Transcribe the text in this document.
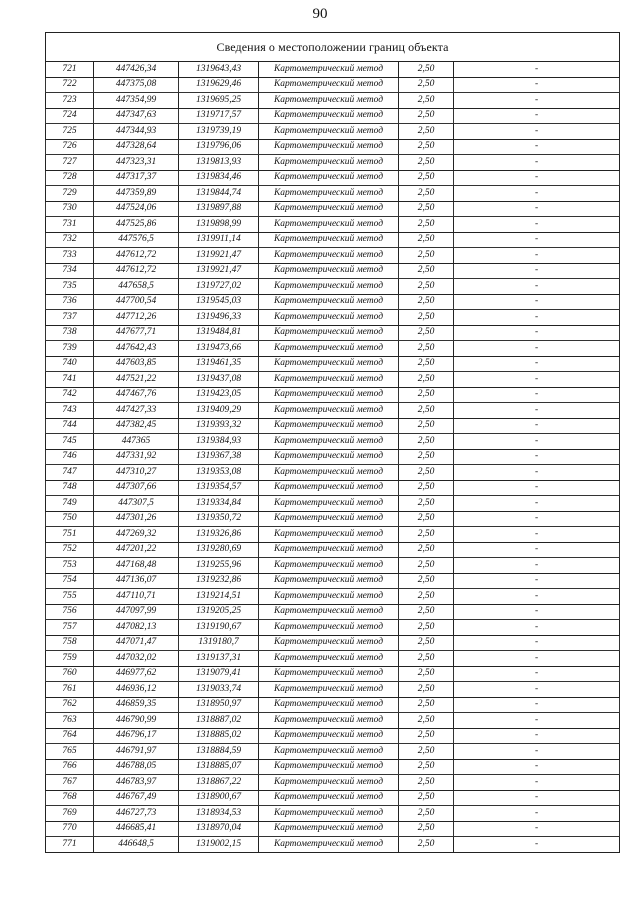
90
Сведения о местоположении границ объекта					
721	447426,34	1319643,43	Картометрический метод	2,50	-
722	447375,08	1319629,46	Картометрический метод	2,50	-
723	447354,99	1319695,25	Картометрический метод	2,50	-
724	447347,63	1319717,57	Картометрический метод	2,50	-
725	447344,93	1319739,19	Картометрический метод	2,50	-
726	447328,64	1319796,06	Картометрический метод	2,50	-
727	447323,31	1319813,93	Картометрический метод	2,50	-
728	447317,37	1319834,46	Картометрический метод	2,50	-
729	447359,89	1319844,74	Картометрический метод	2,50	-
730	447524,06	1319897,88	Картометрический метод	2,50	-
731	447525,86	1319898,99	Картометрический метод	2,50	-
732	447576,5	1319911,14	Картометрический метод	2,50	-
733	447612,72	1319921,47	Картометрический метод	2,50	-
734	447612,72	1319921,47	Картометрический метод	2,50	-
735	447658,5	1319727,02	Картометрический метод	2,50	-
736	447700,54	1319545,03	Картометрический метод	2,50	-
737	447712,26	1319496,33	Картометрический метод	2,50	-
738	447677,71	1319484,81	Картометрический метод	2,50	-
739	447642,43	1319473,66	Картометрический метод	2,50	-
740	447603,85	1319461,35	Картометрический метод	2,50	-
741	447521,22	1319437,08	Картометрический метод	2,50	-
742	447467,76	1319423,05	Картометрический метод	2,50	-
743	447427,33	1319409,29	Картометрический метод	2,50	-
744	447382,45	1319393,32	Картометрический метод	2,50	-
745	447365	1319384,93	Картометрический метод	2,50	-
746	447331,92	1319367,38	Картометрический метод	2,50	-
747	447310,27	1319353,08	Картометрический метод	2,50	-
748	447307,66	1319354,57	Картометрический метод	2,50	-
749	447307,5	1319334,84	Картометрический метод	2,50	-
750	447301,26	1319350,72	Картометрический метод	2,50	-
751	447269,32	1319326,86	Картометрический метод	2,50	-
752	447201,22	1319280,69	Картометрический метод	2,50	-
753	447168,48	1319255,96	Картометрический метод	2,50	-
754	447136,07	1319232,86	Картометрический метод	2,50	-
755	447110,71	1319214,51	Картометрический метод	2,50	-
756	447097,99	1319205,25	Картометрический метод	2,50	-
757	447082,13	1319190,67	Картометрический метод	2,50	-
758	447071,47	1319180,7	Картометрический метод	2,50	-
759	447032,02	1319137,31	Картометрический метод	2,50	-
760	446977,62	1319079,41	Картометрический метод	2,50	-
761	446936,12	1319033,74	Картометрический метод	2,50	-
762	446859,35	1318950,97	Картометрический метод	2,50	-
763	446790,99	1318887,02	Картометрический метод	2,50	-
764	446796,17	1318885,02	Картометрический метод	2,50	-
765	446791,97	1318884,59	Картометрический метод	2,50	-
766	446788,05	1318885,07	Картометрический метод	2,50	-
767	446783,97	1318867,22	Картометрический метод	2,50	-
768	446767,49	1318900,67	Картометрический метод	2,50	-
769	446727,73	1318934,53	Картометрический метод	2,50	-
770	446685,41	1318970,04	Картометрический метод	2,50	-
771	446648,5	1319002,15	Картометрический метод	2,50	-
